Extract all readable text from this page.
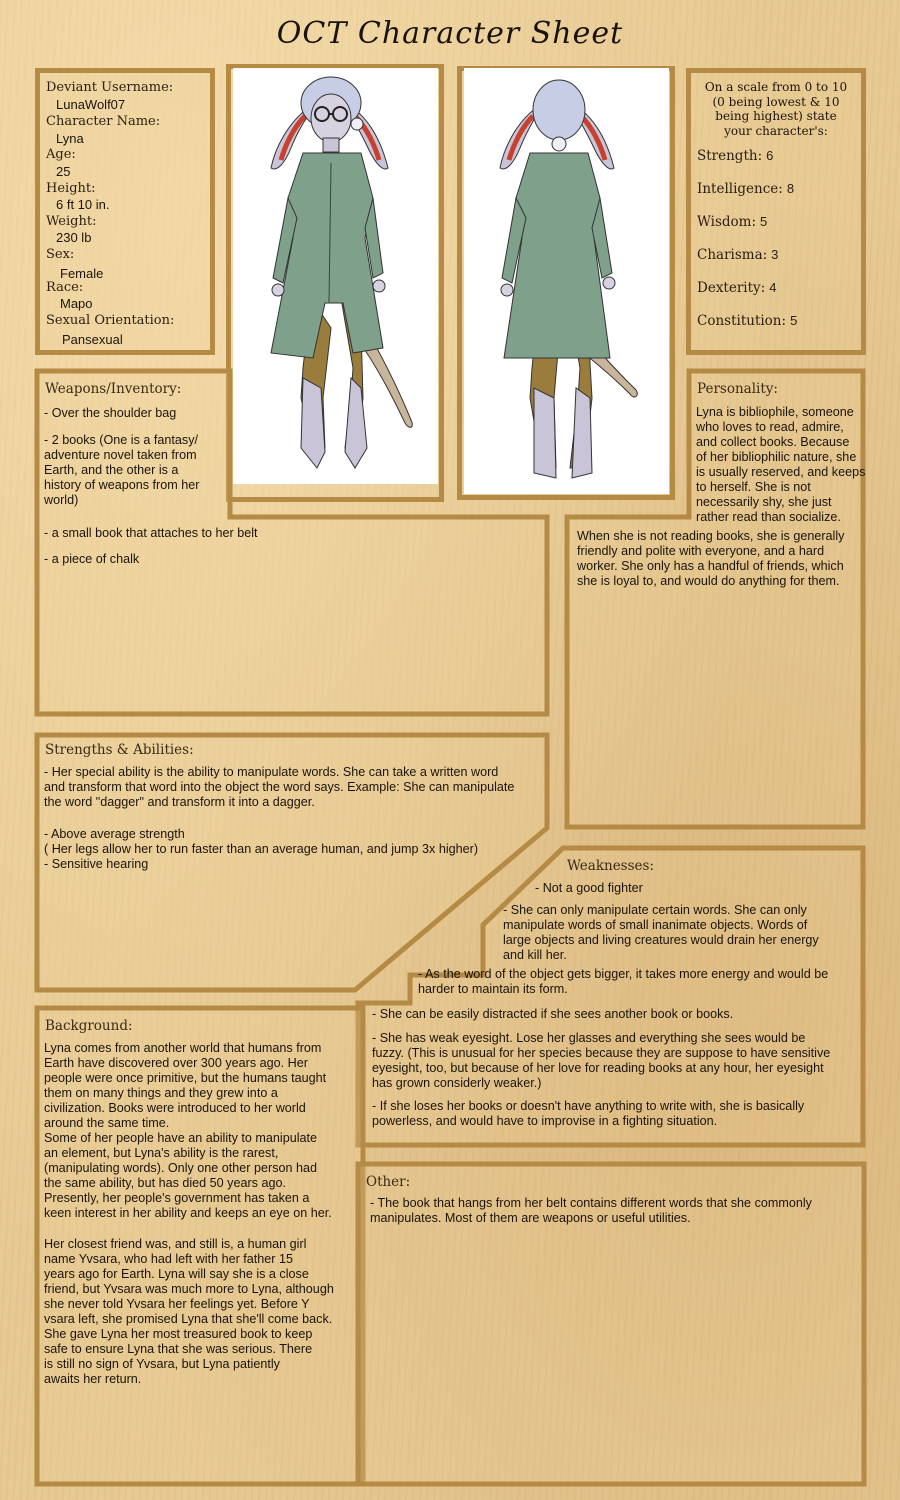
OCT Character Sheet
Deviant Username:
LunaWolf07
Character Name:
Lyna
Age:
25
Height:
6 ft 10 in.
Weight:
230 lb
Sex:
Female
Race:
Mapo
Sexual Orientation:
Pansexual
On a scale from 0 to 10
(0 being lowest & 10
being highest) state
your character's:
Strength: 6
Intelligence: 8
Wisdom: 5
Charisma: 3
Dexterity: 4
Constitution: 5
Weapons/Inventory:
- Over the shoulder bag
- 2 books (One is a fantasy/
adventure novel taken from
Earth, and the other is a
history of weapons from her
world)
- a small book that attaches to her belt
- a piece of chalk
Personality:
Lyna is bibliophile, someone
who loves to read, admire,
and collect books. Because
of her bibliophilic nature, she
is usually reserved, and keeps
to herself. She is not
necessarily shy, she just
rather read than socialize.
When she is not reading books, she is generally
friendly and polite with everyone, and a hard
worker. She only has a handful of friends, which
she is loyal to, and would do anything for them.
Strengths & Abilities:
- Her special ability is the ability to manipulate words. She can take a written word
and transform that word into the object the word says. Example: She can manipulate
the word "dagger" and transform it into a dagger.
- Above average strength
( Her legs allow her to run faster than an average human, and jump 3x higher)
- Sensitive hearing	Weaknesses:
- Not a good fighter
- She can only manipulate certain words. She can only
manipulate words of small inanimate objects. Words of
large objects and living creatures would drain her energy
and kill her.
- As the word of the object gets bigger, it takes more energy and would be
harder to maintain its form.
- She can be easily distracted if she sees another book or books.
- She has weak eyesight. Lose her glasses and everything she sees would be
fuzzy. (This is unusual for her species because they are suppose to have sensitive
eyesight, too, but because of her love for reading books at any hour, her eyesight
has grown considerly weaker.)
- If she loses her books or doesn't have anything to write with, she is basically
powerless, and would have to improvise in a fighting situation.
Background:
Lyna comes from another world that humans from
Earth have discovered over 300 years ago. Her
people were once primitive, but the humans taught
them on many things and they grew into a
civilization. Books were introduced to her world
around the same time.
Some of her people have an ability to manipulate
an element, but Lyna's ability is the rarest,
(manipulating words). Only one other person had
the same ability, but has died 50 years ago.
Presently, her people's government has taken a
keen interest in her ability and keeps an eye on her.
Her closest friend was, and still is, a human girl
name Yvsara, who had left with her father 15
years ago for Earth. Lyna will say she is a close
friend, but Yvsara was much more to Lyna, although
she never told Yvsara her feelings yet. Before Y
vsara left, she promised Lyna that she'll come back.
She gave Lyna her most treasured book to keep
safe to ensure Lyna that she was serious. There
is still no sign of Yvsara, but Lyna patiently
awaits her return.
Other:
- The book that hangs from her belt contains different words that she commonly
manipulates. Most of them are weapons or useful utilities.
